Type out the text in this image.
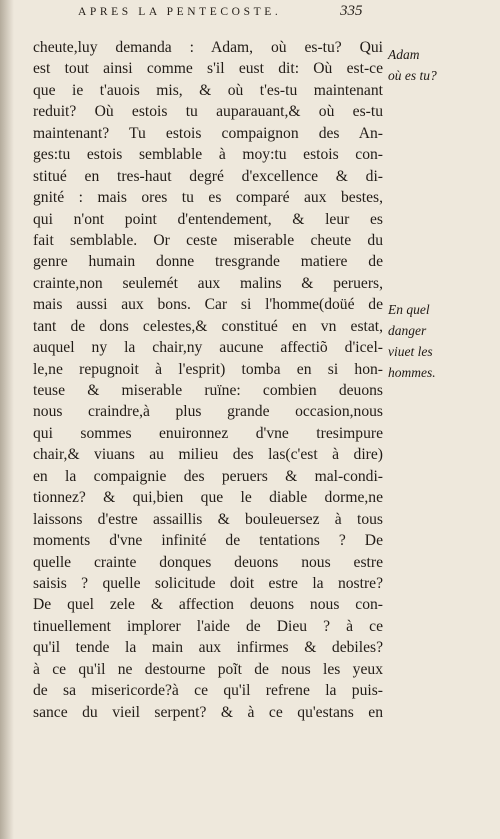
APRES LA PENTECOSTE.	335
cheute,luy demanda : Adam, où es-tu? Qui
est tout ainsi comme s'il eust dit: Où est-ce
que ie t'auois mis, & où t'es-tu maintenant
reduit? Où estois tu auparauant,& où es-tu
maintenant? Tu estois compaignon des An-
ges:tu estois semblable à moy:tu estois con-
stitué en tres-haut degré d'excellence & di-
gnité : mais ores tu es comparé aux bestes,
qui n'ont point d'entendement, & leur es
fait semblable. Or ceste miserable cheute du
genre humain donne tresgrande matiere de
crainte,non seulemét aux malins & peruers,
mais aussi aux bons. Car si l'homme(doüé de
tant de dons celestes,& constitué en vn estat,
auquel ny la chair,ny aucune affectiõ d'icel-
le,ne repugnoit à l'esprit) tomba en si hon-
teuse & miserable ruïne: combien deuons
nous craindre,à plus grande occasion,nous
qui sommes enuironnez d'vne tresimpure
chair,& viuans au milieu des las(c'est à dire)
en la compaignie des peruers & mal-condi-
tionnez? & qui,bien que le diable dorme,ne
laissons d'estre assaillis & bouleuersez à tous
moments d'vne infinité de tentations ? De
quelle crainte donques deuons nous estre
saisis ? quelle solicitude doit estre la nostre?
De quel zele & affection deuons nous con-
tinuellement implorer l'aide de Dieu ? à ce
qu'il tende la main aux infirmes & debiles?
à ce qu'il ne destourne poĩt de nous les yeux
de sa misericorde?à ce qu'il refrene la puis-
sance du vieil serpent? & à ce qu'estans en
Adam
où es tu?
En quel
danger
viuet les
hommes.
